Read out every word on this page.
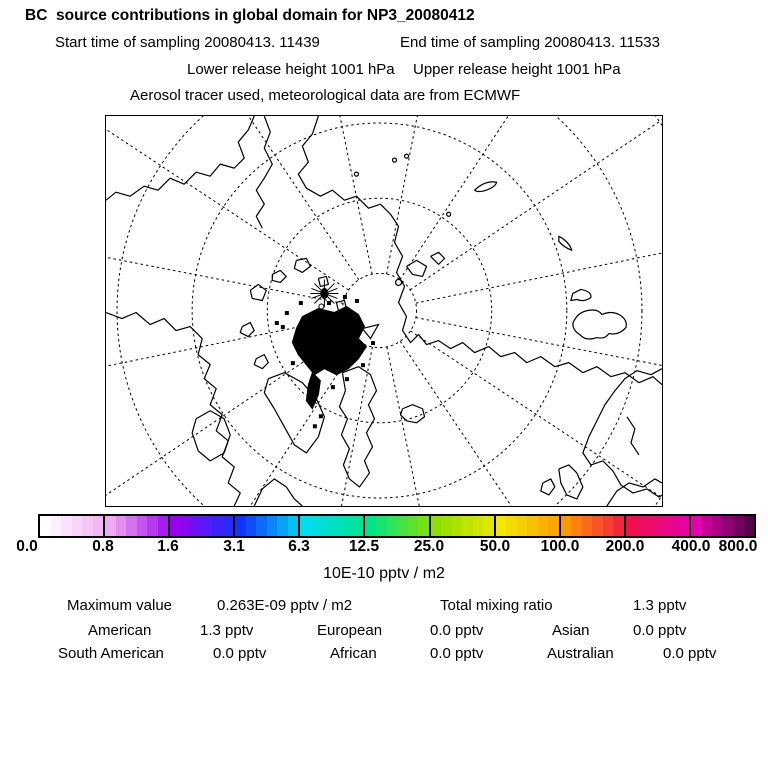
BC  source contributions in global domain for NP3_20080412
Start time of sampling 20080413. 11439	End time of sampling 20080413. 11533
Lower release height 1001 hPa Upper release height 1001 hPa
Aerosol tracer used, meteorological data are from ECMWF
0.0	0.8	1.6	3.1	6.3	12.5 25.0 50.0 100.0 200.0 400.0 800.0
10E-10 pptv / m2
Maximum value	0.263E-09 pptv / m2	Total mixing ratio	1.3 pptv
American	1.3 pptv	European	0.0 pptv	Asian	0.0 pptv
South American	0.0 pptv	African	0.0 pptv	Australian	0.0 pptv
